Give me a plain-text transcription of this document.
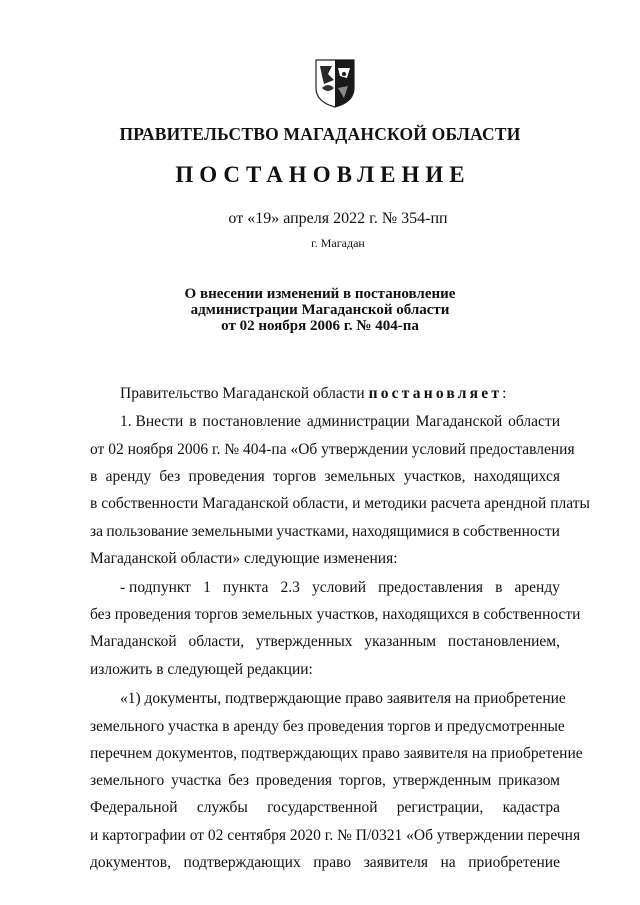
ПРАВИТЕЛЬСТВО МАГАДАНСКОЙ ОБЛАСТИ
ПОСТАНОВЛЕНИЕ
от «19» апреля 2022 г. № 354-пп
г. Магадан
О внесении изменений в постановление
администрации Магаданской области
от 02 ноября 2006 г. № 404-па
Правительство Магаданской области постановляет:
1. Внести в постановление администрации Магаданской области
от 02 ноября 2006 г. № 404-па «Об утверждении условий предоставления
в аренду без проведения торгов земельных участков, находящихся
в собственности Магаданской области, и методики расчета арендной платы
за пользование земельными участками, находящимися в собственности
Магаданской области» следующие изменения:
- подпункт 1 пункта 2.3 условий предоставления в аренду
без проведения торгов земельных участков, находящихся в собственности
Магаданской области, утвержденных указанным постановлением,
изложить в следующей редакции:
«1) документы, подтверждающие право заявителя на приобретение
земельного участка в аренду без проведения торгов и предусмотренные
перечнем документов, подтверждающих право заявителя на приобретение
земельного участка без проведения торгов, утвержденным приказом
Федеральной службы государственной регистрации, кадастра
и картографии от 02 сентября 2020 г. № П/0321 «Об утверждении перечня
документов, подтверждающих право заявителя на приобретение
